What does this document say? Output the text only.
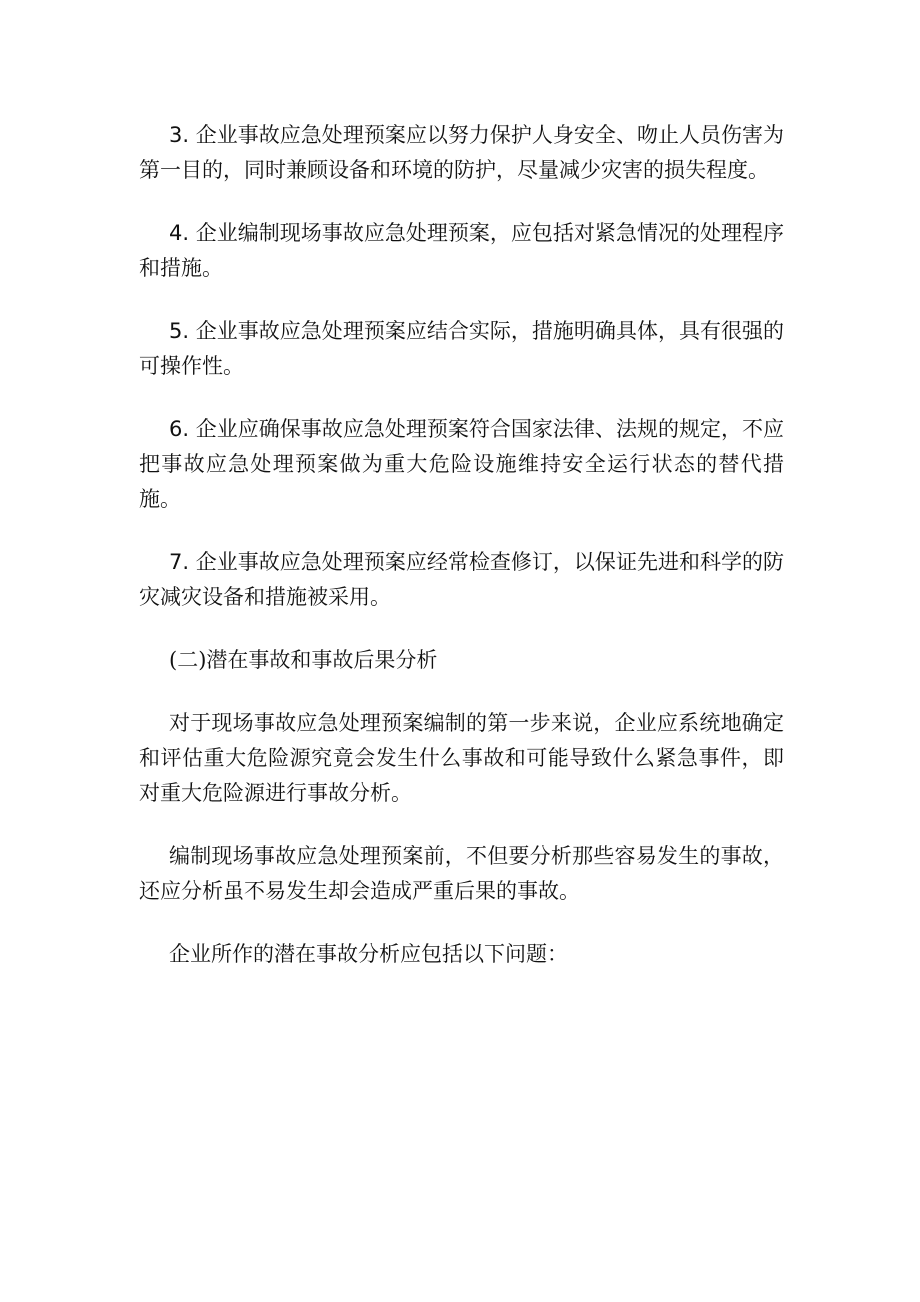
3. 企业事故应急处理预案应以努力保护人身安全、吻止人员伤害为第一目的，同时兼顾设备和环境的防护，尽量减少灾害的损失程度。

4. 企业编制现场事故应急处理预案，应包括对紧急情况的处理程序和措施。

5. 企业事故应急处理预案应结合实际，措施明确具体，具有很强的可操作性。

6. 企业应确保事故应急处理预案符合国家法律、法规的规定，不应把事故应急处理预案做为重大危险设施维持安全运行状态的替代措施。

7. 企业事故应急处理预案应经常检查修订，以保证先进和科学的防灾减灾设备和措施被采用。

(二)潜在事故和事故后果分析

对于现场事故应急处理预案编制的第一步来说，企业应系统地确定和评估重大危险源究竟会发生什么事故和可能导致什么紧急事件，即对重大危险源进行事故分析。

编制现场事故应急处理预案前，不但要分析那些容易发生的事故，还应分析虽不易发生却会造成严重后果的事故。

企业所作的潜在事故分析应包括以下问题：
